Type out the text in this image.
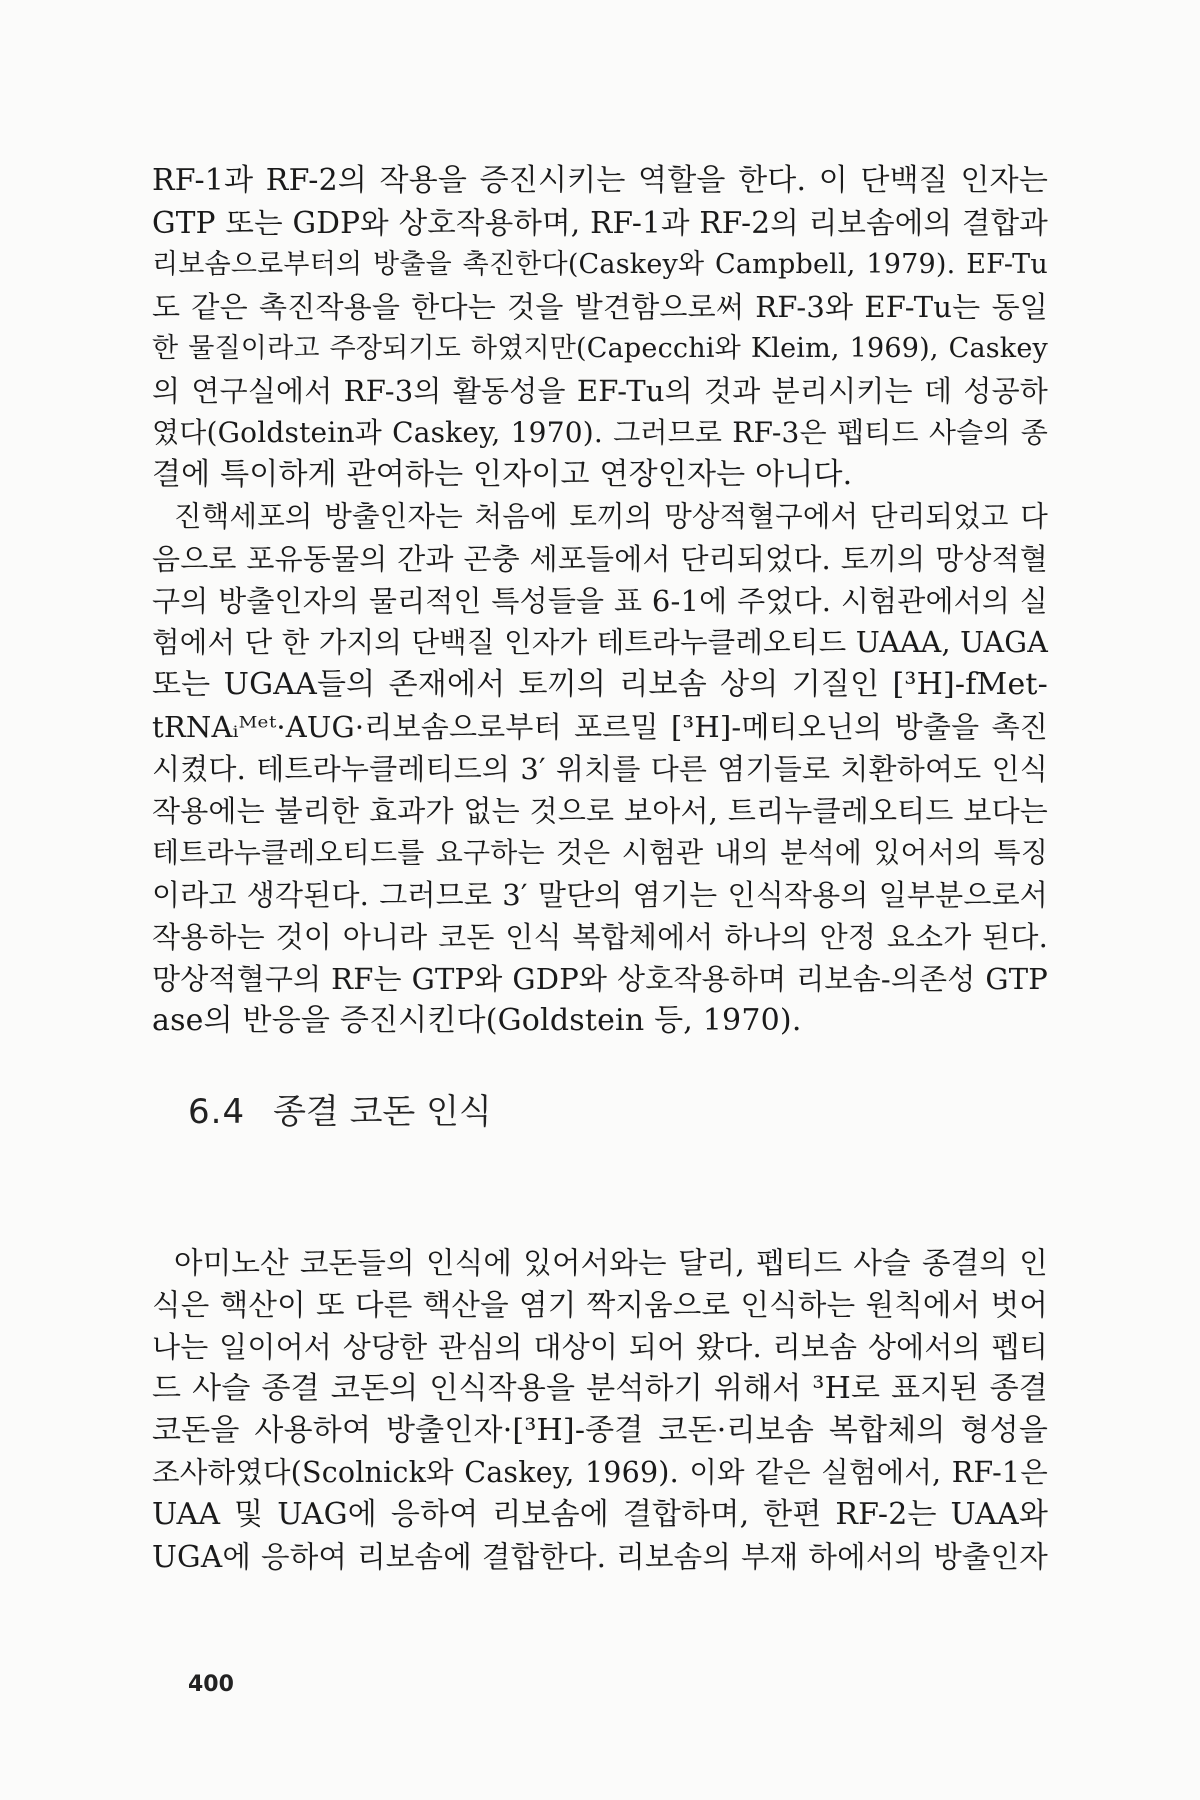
RF-1과 RF-2의 작용을 증진시키는 역할을 한다. 이 단백질 인자는
GTP 또는 GDP와 상호작용하며, RF-1과 RF-2의 리보솜에의 결합과
리보솜으로부터의 방출을 촉진한다(Caskey와 Campbell, 1979). EF-Tu
도 같은 촉진작용을 한다는 것을 발견함으로써 RF-3와 EF-Tu는 동일
한 물질이라고 주장되기도 하였지만(Capecchi와 Kleim, 1969), Caskey
의 연구실에서 RF-3의 활동성을 EF-Tu의 것과 분리시키는 데 성공하
였다(Goldstein과 Caskey, 1970). 그러므로 RF-3은 펩티드 사슬의 종
결에 특이하게 관여하는 인자이고 연장인자는 아니다.
진핵세포의 방출인자는 처음에 토끼의 망상적혈구에서 단리되었고 다
음으로 포유동물의 간과 곤충 세포들에서 단리되었다. 토끼의 망상적혈
구의 방출인자의 물리적인 특성들을 표 6-1에 주었다. 시험관에서의 실
험에서 단 한 가지의 단백질 인자가 테트라누클레오티드 UAAA, UAGA
또는 UGAA들의 존재에서 토끼의 리보솜 상의 기질인 [³H]-fMet-
tRNAᵢᴹᵉᵗ·AUG·리보솜으로부터 포르밀 [³H]-메티오닌의 방출을 촉진
시켰다. 테트라누클레티드의 3′ 위치를 다른 염기들로 치환하여도 인식
작용에는 불리한 효과가 없는 것으로 보아서, 트리누클레오티드 보다는
테트라누클레오티드를 요구하는 것은 시험관 내의 분석에 있어서의 특징
이라고 생각된다. 그러므로 3′ 말단의 염기는 인식작용의 일부분으로서
작용하는 것이 아니라 코돈 인식 복합체에서 하나의 안정 요소가 된다.
망상적혈구의 RF는 GTP와 GDP와 상호작용하며 리보솜-의존성 GTP
ase의 반응을 증진시킨다(Goldstein 등, 1970).
6.4 종결 코돈 인식
아미노산 코돈들의 인식에 있어서와는 달리, 펩티드 사슬 종결의 인
식은 핵산이 또 다른 핵산을 염기 짝지움으로 인식하는 원칙에서 벗어
나는 일이어서 상당한 관심의 대상이 되어 왔다. 리보솜 상에서의 펩티
드 사슬 종결 코돈의 인식작용을 분석하기 위해서 ³H로 표지된 종결
코돈을 사용하여 방출인자·[³H]-종결 코돈·리보솜 복합체의 형성을
조사하였다(Scolnick와 Caskey, 1969). 이와 같은 실험에서, RF-1은
UAA 및 UAG에 응하여 리보솜에 결합하며, 한편 RF-2는 UAA와
UGA에 응하여 리보솜에 결합한다. 리보솜의 부재 하에서의 방출인자
400
